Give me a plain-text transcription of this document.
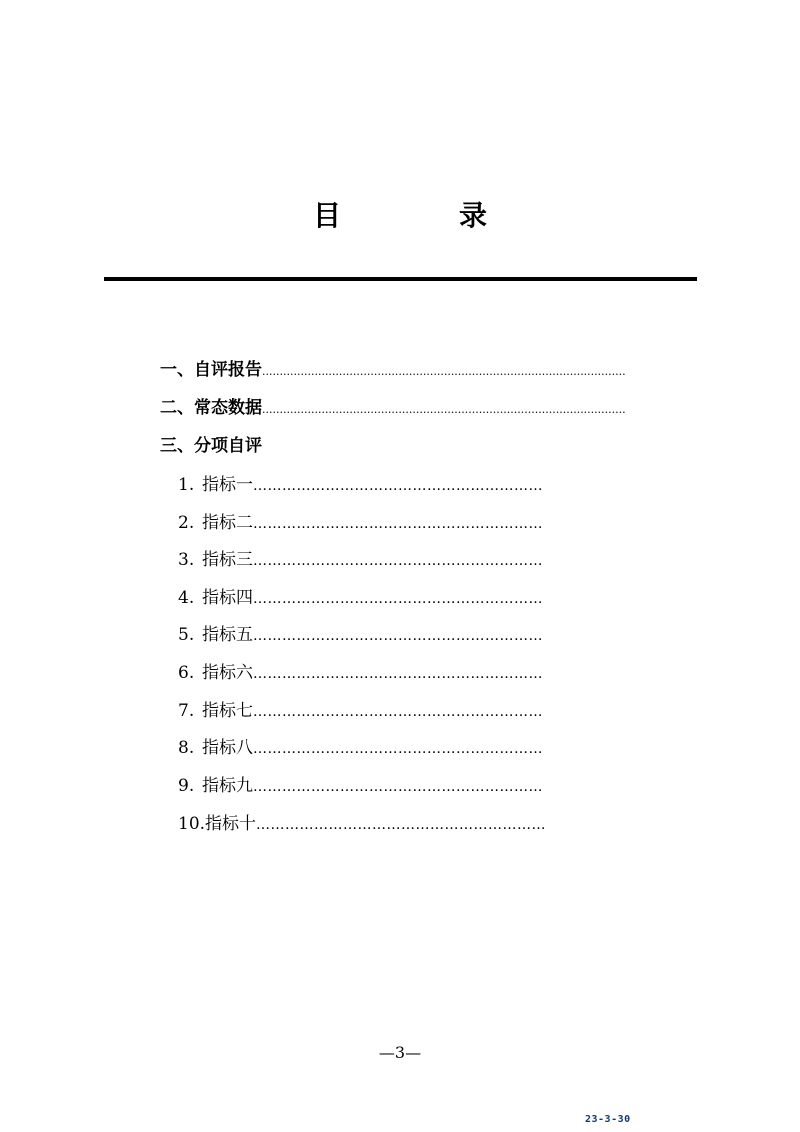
目	录
一、自评报告 ........................................................................................................
二、常态数据 ........................................................................................................
三、分项自评
1. 指标一 ……………………………………………………
2. 指标二 ……………………………………………………
3. 指标三 ……………………………………………………
4. 指标四 ……………………………………………………
5. 指标五 ……………………………………………………
6. 指标六 ……………………………………………………
7. 指标七 ……………………………………………………
8. 指标八 ……………………………………………………
9. 指标九 ……………………………………………………
10. 指标十 ……………………………………………………
—3—
23-3-30
